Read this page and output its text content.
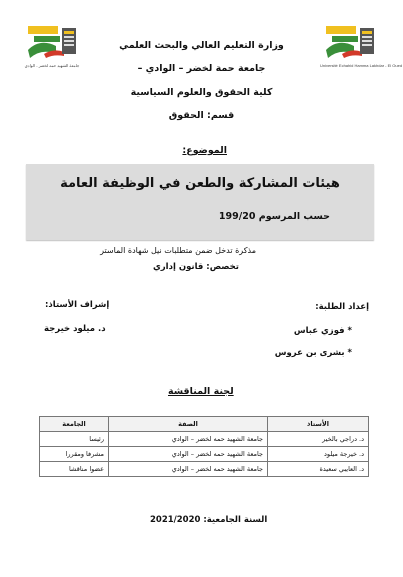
جامعة الشهيد حمه لخضر - الوادي	Université Echahid Hamma Lakhdar - El Oued
وزارة التعليم العالي والبحث العلمي
جامعة حمة لخضر – الوادي –
كلية الحقوق والعلوم السياسية
قسم: الحقوق
الموضوع:
هيئات المشاركة والطعن في الوظيفة العامة
حسب المرسوم 199/20
مذكرة تدخل ضمن متطلبات نيل شهادة الماستر
تخصص: قانون إداري
إعداد الطلبة:
* فوزي عباس
* بشرى بن عروس
إشراف الأستاذ:
د. ميلود خيرجة
لجنة المناقشة
الأستاذ	الصفة	الجامعة
د. دراجي بالخير	جامعة الشهيد حمه لخضر – الوادي	رئيسا
د. خيرجة ميلود	جامعة الشهيد حمه لخضر – الوادي	مشرفا ومقررا
د. العايبي سعيدة	جامعة الشهيد حمه لخضر – الوادي	عضوا مناقشا
السنة الجامعية: 2021/2020
